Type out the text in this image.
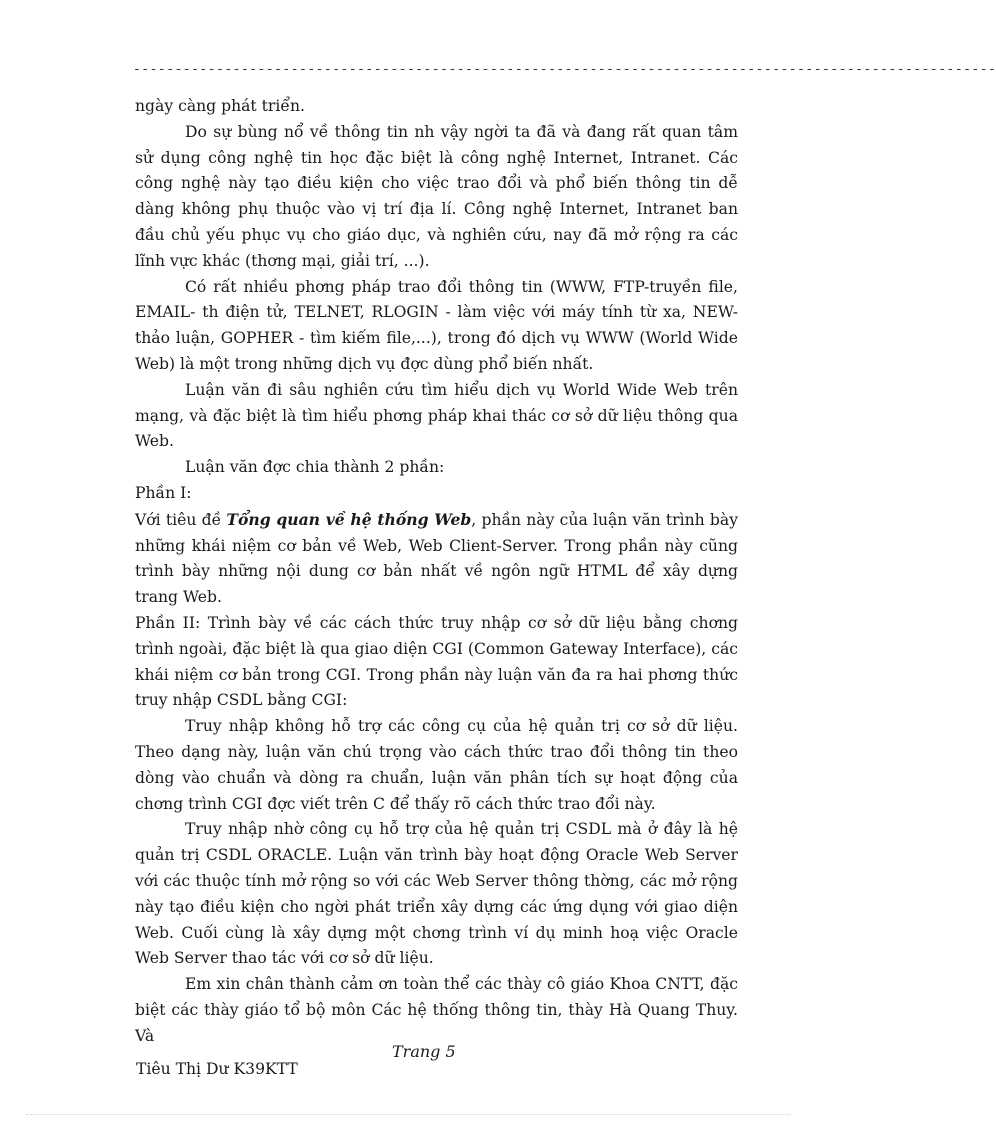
--------------------------------------------------------------------------------------------------------

ngày càng phát triển.

Do sự bùng nổ về thông tin nh vậy ngời ta đã và đang rất quan tâm sử dụng công nghệ tin học đặc biệt là công nghệ Internet, Intranet. Các công nghệ này tạo điều kiện cho việc trao đổi và phổ biến thông tin dễ dàng không phụ thuộc vào vị trí địa lí. Công nghệ Internet, Intranet ban đầu chủ yếu phục vụ cho giáo dục, và nghiên cứu, nay đã mở rộng ra các lĩnh vực khác (thơng mại, giải trí, ...).

Có rất nhiều phơng pháp trao đổi thông tin (WWW, FTP-truyền file, EMAIL- th điện tử, TELNET, RLOGIN - làm việc với máy tính từ xa, NEW-thảo luận, GOPHER - tìm kiếm file,...), trong đó dịch vụ WWW (World Wide Web) là một trong những dịch vụ đợc dùng phổ biến nhất.

Luận văn đi sâu nghiên cứu tìm hiểu dịch vụ World Wide Web trên mạng, và đặc biệt là tìm hiểu phơng pháp khai thác cơ sở dữ liệu thông qua Web.

Luận văn đợc chia thành 2 phần:

Phần I:

Với tiêu đề Tổng quan về hệ thống Web, phần này của luận văn trình bày những khái niệm cơ bản về Web, Web Client-Server. Trong phần này cũng trình bày những nội dung cơ bản nhất về ngôn ngữ HTML để xây dựng trang Web.

Phần II: Trình bày về các cách thức truy nhập cơ sở dữ liệu bằng chơng trình ngoài, đặc biệt là qua giao diện CGI (Common Gateway Interface), các khái niệm cơ bản trong CGI. Trong phần này luận văn đa ra hai phơng thức truy nhập CSDL bằng CGI:

Truy nhập không hỗ trợ các công cụ của hệ quản trị cơ sở dữ liệu. Theo dạng này, luận văn chú trọng vào cách thức trao đổi thông tin theo dòng vào chuẩn và dòng ra chuẩn, luận văn phân tích sự hoạt động của chơng trình CGI đợc viết trên C để thấy rõ cách thức trao đổi này.

Truy nhập nhờ công cụ hỗ trợ của hệ quản trị CSDL mà ở đây là hệ quản trị CSDL ORACLE. Luận văn trình bày hoạt động Oracle Web Server với các thuộc tính mở rộng so với các Web Server thông thờng, các mở rộng này tạo điều kiện cho ngời phát triển xây dựng các ứng dụng với giao diện Web. Cuối cùng là xây dựng một chơng trình ví dụ minh hoạ việc Oracle Web Server thao tác với cơ sở dữ liệu.

Em xin chân thành cảm ơn toàn thể các thày cô giáo Khoa CNTT, đặc biệt các thày giáo tổ bộ môn Các hệ thống thông tin, thày Hà Quang Thuy. Và

Trang 5
Tiêu Thị Dư K39KTT
